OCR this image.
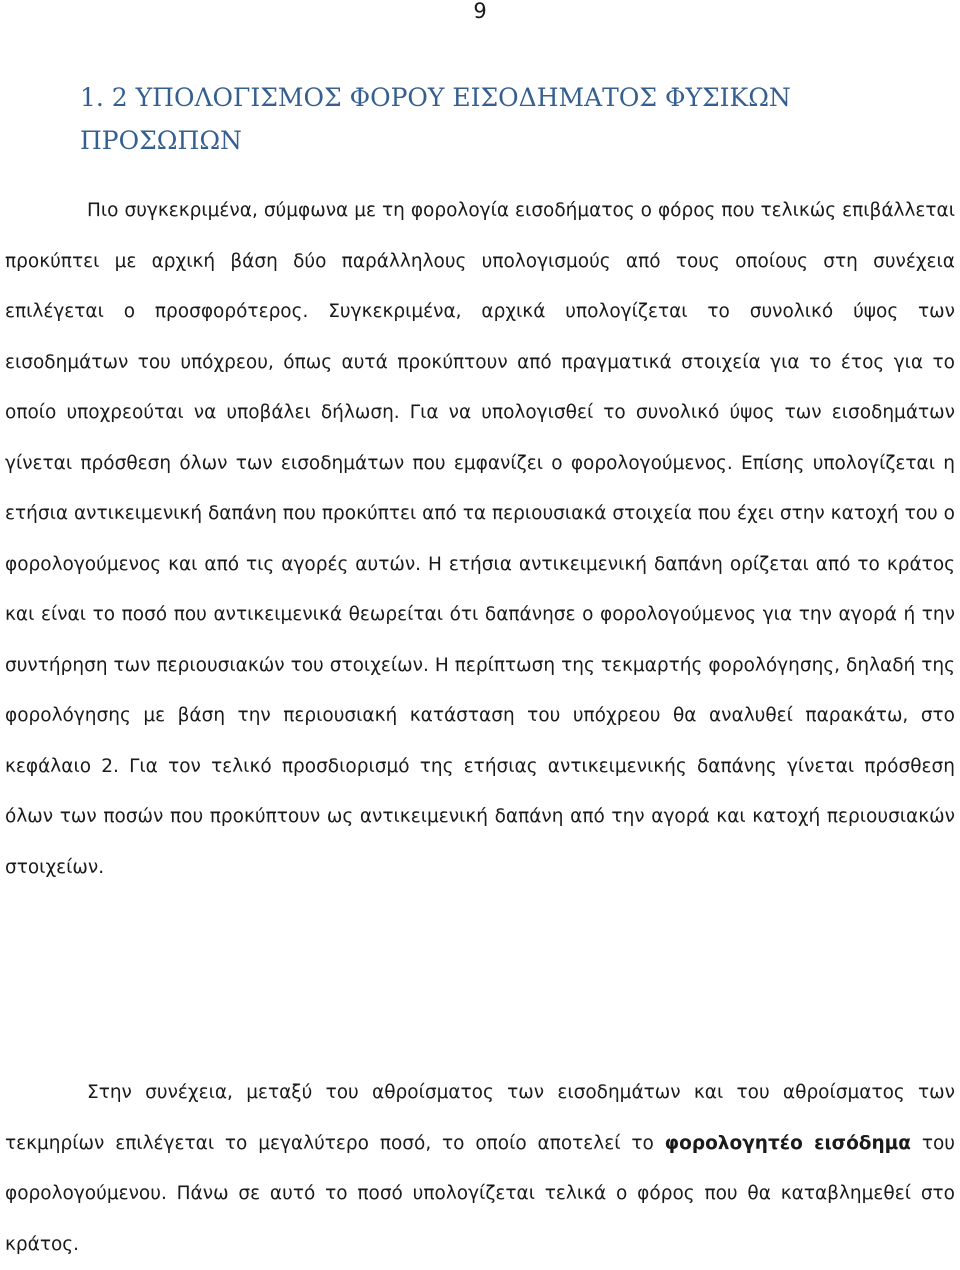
9
1. 2 ΥΠΟΛΟΓΙΣΜΟΣ ΦΟΡΟΥ ΕΙΣΟΔΗΜΑΤΟΣ ΦΥΣΙΚΩΝ ΠΡΟΣΩΠΩΝ

Πιο συγκεκριμένα, σύμφωνα με τη φορολογία εισοδήματος ο φόρος που τελικώς επιβάλλεται προκύπτει με αρχική βάση δύο παράλληλους υπολογισμούς από τους οποίους στη συνέχεια επιλέγεται ο προσφορότερος. Συγκεκριμένα, αρχικά υπολογίζεται το συνολικό ύψος των εισοδημάτων του υπόχρεου, όπως αυτά προκύπτουν από πραγματικά στοιχεία για το έτος για το οποίο υποχρεούται να υποβάλει δήλωση. Για να υπολογισθεί το συνολικό ύψος των εισοδημάτων γίνεται πρόσθεση όλων των εισοδημάτων που εμφανίζει ο φορολογούμενος. Επίσης υπολογίζεται η ετήσια αντικειμενική δαπάνη που προκύπτει από τα περιουσιακά στοιχεία που έχει στην κατοχή του ο φορολογούμενος και από τις αγορές αυτών. Η ετήσια αντικειμενική δαπάνη ορίζεται από το κράτος και είναι το ποσό που αντικειμενικά θεωρείται ότι δαπάνησε ο φορολογούμενος για την αγορά ή την συντήρηση των περιουσιακών του στοιχείων. Η περίπτωση της τεκμαρτής φορολόγησης, δηλαδή της φορολόγησης με βάση την περιουσιακή κατάσταση του υπόχρεου θα αναλυθεί παρακάτω, στο κεφάλαιο 2. Για τον τελικό προσδιορισμό της ετήσιας αντικειμενικής δαπάνης γίνεται πρόσθεση όλων των ποσών που προκύπτουν ως αντικειμενική δαπάνη από την αγορά και κατοχή περιουσιακών στοιχείων.

Στην συνέχεια, μεταξύ του αθροίσματος των εισοδημάτων και του αθροίσματος των τεκμηρίων επιλέγεται το μεγαλύτερο ποσό, το οποίο αποτελεί το φορολογητέο εισόδημα του φορολογούμενου. Πάνω σε αυτό το ποσό υπολογίζεται τελικά ο φόρος που θα καταβλημεθεί στο κράτος.
